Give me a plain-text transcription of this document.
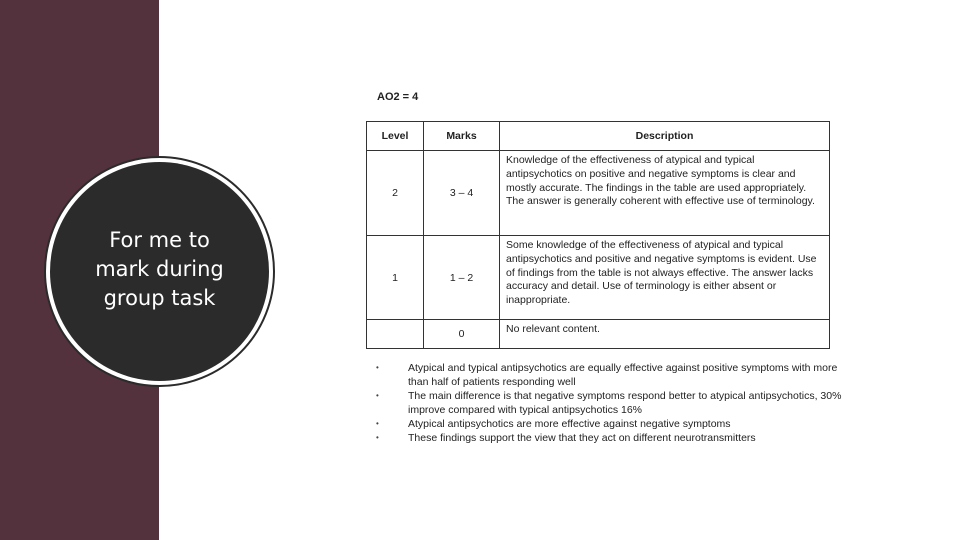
For me to
mark during
group task
AO2 = 4
Level	Marks	Description
2	3 – 4	Knowledge of the effectiveness of atypical and typical antipsychotics on positive and negative symptoms is clear and mostly accurate. The findings in the table are used appropriately. The answer is generally coherent with effective use of terminology.
1	1 – 2	Some knowledge of the effectiveness of atypical and typical antipsychotics and positive and negative symptoms is evident. Use of findings from the table is not always effective. The answer lacks accuracy and detail. Use of terminology is either absent or inappropriate.
	0	No relevant content.
•	Atypical and typical antipsychotics are equally effective against positive symptoms with more than half of patients responding well
•	The main difference is that negative symptoms respond better to atypical antipsychotics, 30% improve compared with typical antipsychotics 16%
•	Atypical antipsychotics are more effective against negative symptoms
•	These findings support the view that they act on different neurotransmitters
